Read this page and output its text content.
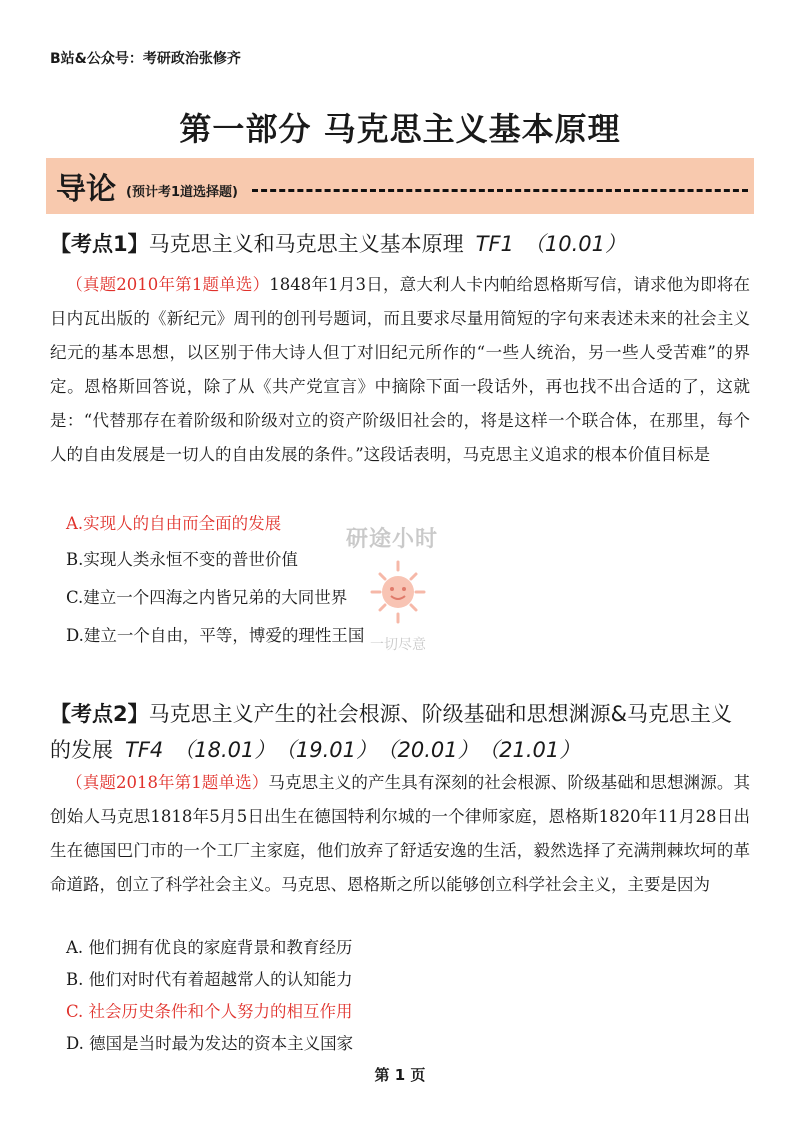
B站&公众号：考研政治张修齐
第一部分 马克思主义基本原理
导论 (预计考1道选择题)
【考点1】马克思主义和马克思主义基本原理 TF1 （10.01）
（真题2010年第1题单选）1848年1月3日，意大利人卡内帕给恩格斯写信，请求他为即将在日内瓦出版的《新纪元》周刊的创刊号题词，而且要求尽量用简短的字句来表述未来的社会主义纪元的基本思想，以区别于伟大诗人但丁对旧纪元所作的“一些人统治，另一些人受苦难”的界定。恩格斯回答说，除了从《共产党宣言》中摘除下面一段话外，再也找不出合适的了，这就是：“代替那存在着阶级和阶级对立的资产阶级旧社会的，将是这样一个联合体，在那里，每个人的自由发展是一切人的自由发展的条件。”这段话表明，马克思主义追求的根本价值目标是
A.实现人的自由而全面的发展
B.实现人类永恒不变的普世价值
C.建立一个四海之内皆兄弟的大同世界
D.建立一个自由，平等，博爱的理性王国
研途小时
一切尽意
【考点2】马克思主义产生的社会根源、阶级基础和思想渊源&马克思主义
的发展 TF4 （18.01） （19.01） （20.01） （21.01）
（真题2018年第1题单选）马克思主义的产生具有深刻的社会根源、阶级基础和思想渊源。其创始人马克思1818年5月5日出生在德国特利尔城的一个律师家庭，恩格斯1820年11月28日出生在德国巴门市的一个工厂主家庭，他们放弃了舒适安逸的生活，毅然选择了充满荆棘坎坷的革命道路，创立了科学社会主义。马克思、恩格斯之所以能够创立科学社会主义，主要是因为
A. 他们拥有优良的家庭背景和教育经历
B. 他们对时代有着超越常人的认知能力
C. 社会历史条件和个人努力的相互作用
D. 德国是当时最为发达的资本主义国家
第 1 页
